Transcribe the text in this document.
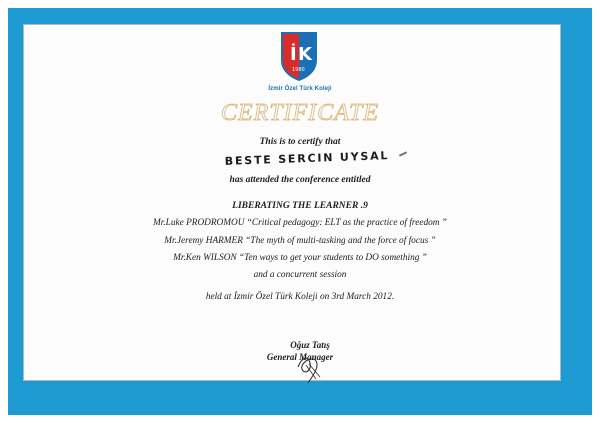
İ K
1980
İzmir Özel Türk Koleji
CERTIFICATE
This is to certify that
BESTE SERCIN UYSAL
has attended the conference entitled
LIBERATING THE LEARNER .9
Mr.Luke PRODROMOU “Critical pedagogy: ELT as the practice of freedom ”
Mr.Jeremy HARMER “The myth of multi-tasking and the force of focus ”
Mr.Ken WILSON “Ten ways to get your students to DO something ”
and a concurrent session
held at İzmir Özel Türk Koleji on 3rd March 2012.
Oğuz Tatış
General Manager
